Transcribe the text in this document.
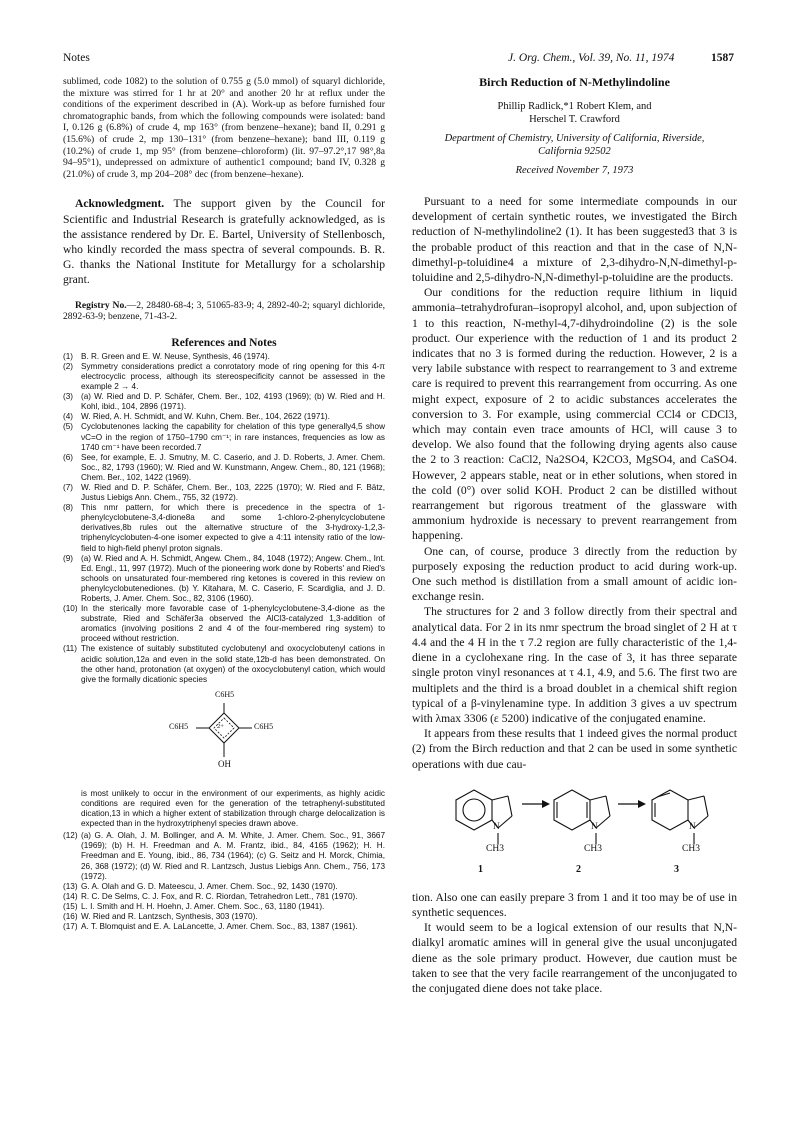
Notes	J. Org. Chem., Vol. 39, No. 11, 1974	1587

sublimed, code 1082) to the solution of 0.755 g (5.0 mmol) of squaryl dichloride, the mixture was stirred for 1 hr at 20° and another 20 hr at reflux under the conditions of the experiment described in (A). Work-up as before furnished four chromatographic bands, from which the following compounds were isolated: band I, 0.126 g (6.8%) of crude 4, mp 163° (from benzene–hexane); band II, 0.291 g (15.6%) of crude 2, mp 130–131° (from benzene–hexane); band III, 0.119 g (10.2%) of crude 1, mp 95° (from benzene–chloroform) (lit. 97–97.2°,17 98°,8a 94–95°1), undepressed on admixture of authentic1 compound; band IV, 0.328 g (21.0%) of crude 3, mp 204–208° dec (from benzene–hexane).

Acknowledgment. The support given by the Council for Scientific and Industrial Research is gratefully acknowledged, as is the assistance rendered by Dr. E. Bartel, University of Stellenbosch, who kindly recorded the mass spectra of several compounds. B. R. G. thanks the National Institute for Metallurgy for a scholarship grant.

Registry No.—2, 28480-68-4; 3, 51065-83-9; 4, 2892-40-2; squaryl dichloride, 2892-63-9; benzene, 71-43-2.

References and Notes
(1) B. R. Green and E. W. Neuse, Synthesis, 46 (1974).
(2) Symmetry considerations predict a conrotatory mode of ring opening for this 4-π electrocyclic process, although its stereospecificity cannot be assessed in the example 2 → 4.
(3) (a) W. Ried and D. P. Schäfer, Chem. Ber., 102, 4193 (1969); (b) W. Ried and H. Kohl, ibid., 104, 2896 (1971).
(4) W. Ried, A. H. Schmidt, and W. Kuhn, Chem. Ber., 104, 2622 (1971).
(5) Cyclobutenones lacking the capability for chelation of this type generally4,5 show νC=O in the region of 1750–1790 cm⁻¹; in rare instances, frequencies as low as 1740 cm⁻¹ have been recorded.7
(6) See, for example, E. J. Smutny, M. C. Caserio, and J. D. Roberts, J. Amer. Chem. Soc., 82, 1793 (1960); W. Ried and W. Kunstmann, Angew. Chem., 80, 121 (1968); Chem. Ber., 102, 1422 (1969).
(7) W. Ried and D. P. Schäfer, Chem. Ber., 103, 2225 (1970); W. Ried and F. Bätz, Justus Liebigs Ann. Chem., 755, 32 (1972).
(8) This nmr pattern, for which there is precedence in the spectra of 1-phenylcyclobutene-3,4-dione8a and some 1-chloro-2-phenylcyclobutene derivatives,8b rules out the alternative structure of the 3-hydroxy-1,2,3-triphenylcyclobuten-4-one isomer expected to give a 4:11 intensity ratio of the low-field to high-field phenyl proton signals.
(9) (a) W. Ried and A. H. Schmidt, Angew. Chem., 84, 1048 (1972); Angew. Chem., Int. Ed. Engl., 11, 997 (1972). Much of the pioneering work done by Roberts' and Ried's schools on unsaturated four-membered ring ketones is covered in this review on phenylcyclobutenediones. (b) Y. Kitahara, M. C. Caserio, F. Scardiglia, and J. D. Roberts, J. Amer. Chem. Soc., 82, 3106 (1960).
(10) In the sterically more favorable case of 1-phenylcyclobutene-3,4-dione as the substrate, Ried and Schäfer3a observed the AlCl3-catalyzed 1,3-addition of aromatics (involving positions 2 and 4 of the four-membered ring system) to proceed without restriction.
(11) The existence of suitably substituted cyclobutenyl and oxocyclobutenyl cations in acidic solution,12a and even in the solid state,12b-d has been demonstrated. On the other hand, protonation (at oxygen) of the oxocyclobutenyl cation, which would give the formally dicationic species
C6H5
C6H5	C6H5
2+
OH

is most unlikely to occur in the environment of our experiments, as highly acidic conditions are required even for the generation of the tetraphenyl-substituted dication,13 in which a higher extent of stabilization through charge delocalization is expected than in the hydroxytriphenyl species drawn above.

(12) (a) G. A. Olah, J. M. Bollinger, and A. M. White, J. Amer. Chem. Soc., 91, 3667 (1969); (b) H. H. Freedman and A. M. Frantz, ibid., 84, 4165 (1962); H. H. Freedman and E. Young, ibid., 86, 734 (1964); (c) G. Seitz and H. Morck, Chimia, 26, 368 (1972); (d) W. Ried and R. Lantzsch, Justus Liebigs Ann. Chem., 756, 173 (1972).
(13) G. A. Olah and G. D. Mateescu, J. Amer. Chem. Soc., 92, 1430 (1970).
(14) R. C. De Selms, C. J. Fox, and R. C. Riordan, Tetrahedron Lett., 781 (1970).
(15) L. I. Smith and H. H. Hoehn, J. Amer. Chem. Soc., 63, 1180 (1941).
(16) W. Ried and R. Lantzsch, Synthesis, 303 (1970).
(17) A. T. Blomquist and E. A. LaLancette, J. Amer. Chem. Soc., 83, 1387 (1961).
Birch Reduction of N-Methylindoline
Phillip Radlick,*1 Robert Klem, and
Herschel T. Crawford
Department of Chemistry, University of California, Riverside,
California 92502
Received November 7, 1973

Pursuant to a need for some intermediate compounds in our development of certain synthetic routes, we investigated the Birch reduction of N-methylindoline2 (1). It has been suggested3 that 3 is the probable product of this reaction and that in the case of N,N-dimethyl-p-toluidine4 a mixture of 2,3-dihydro-N,N-dimethyl-p-toluidine and 2,5-dihydro-N,N-dimethyl-p-toluidine are the products.

Our conditions for the reduction require lithium in liquid ammonia–tetrahydrofuran–isopropyl alcohol, and, upon subjection of 1 to this reaction, N-methyl-4,7-dihydroindoline (2) is the sole product. Our experience with the reduction of 1 and its product 2 indicates that no 3 is formed during the reduction. However, 2 is a very labile substance with respect to rearrangement to 3 and extreme care is required to prevent this rearrangement from occurring. As one might expect, exposure of 2 to acidic substances accelerates the conversion to 3. For example, using commercial CCl4 or CDCl3, which may contain even trace amounts of HCl, will cause 3 to develop. We also found that the following drying agents also cause the 2 to 3 reaction: CaCl2, Na2SO4, K2CO3, MgSO4, and CaSO4. However, 2 appears stable, neat or in ether solutions, when stored in the cold (0°) over solid KOH. Product 2 can be distilled without rearrangement but rigorous treatment of the glassware with ammonium hydroxide is necessary to prevent rearrangement from happening.

One can, of course, produce 3 directly from the reduction by purposely exposing the reduction product to acid during work-up. One such method is distillation from a small amount of acidic ion-exchange resin.

The structures for 2 and 3 follow directly from their spectral and analytical data. For 2 in its nmr spectrum the broad singlet of 2 H at τ 4.4 and the 4 H in the τ 7.2 region are fully characteristic of the 1,4-diene in a cyclohexane ring. In the case of 3, it has three separate single proton vinyl resonances at τ 4.1, 4.9, and 5.6. The first two are multiplets and the third is a broad doublet in a chemical shift region typical of a β-vinylenamine type. In addition 3 gives a uv spectrum with λmax 3306 (ε 5200) indicative of the conjugated enamine.

It appears from these results that 1 indeed gives the normal product (2) from the Birch reduction and that 2 can be used in some synthetic operations with due cau-

N	N	N
CH3	CH3	CH3
1	2	3

tion. Also one can easily prepare 3 from 1 and it too may be of use in synthetic sequences.

It would seem to be a logical extension of our results that N,N-dialkyl aromatic amines will in general give the usual unconjugated diene as the sole primary product. However, due caution must be taken to see that the very facile rearrangement of the unconjugated to the conjugated diene does not take place.
